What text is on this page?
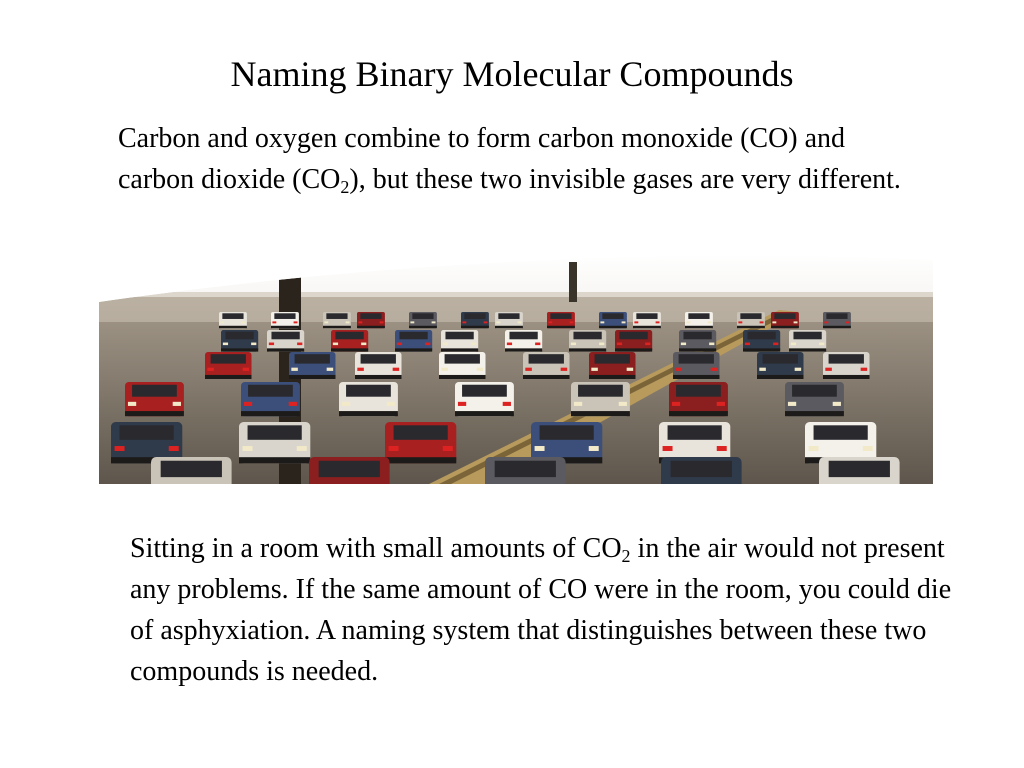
Naming Binary Molecular Compounds

Carbon and oxygen combine to form carbon monoxide (CO) and carbon dioxide $(CO_2)$, but these two invisible gases are very different.

Sitting in a room with small amounts of $CO_2$ in the air would not present any problems. If the same amount of CO were in the room, you could die of asphyxiation. A naming system that distinguishes between these two compounds is needed.
